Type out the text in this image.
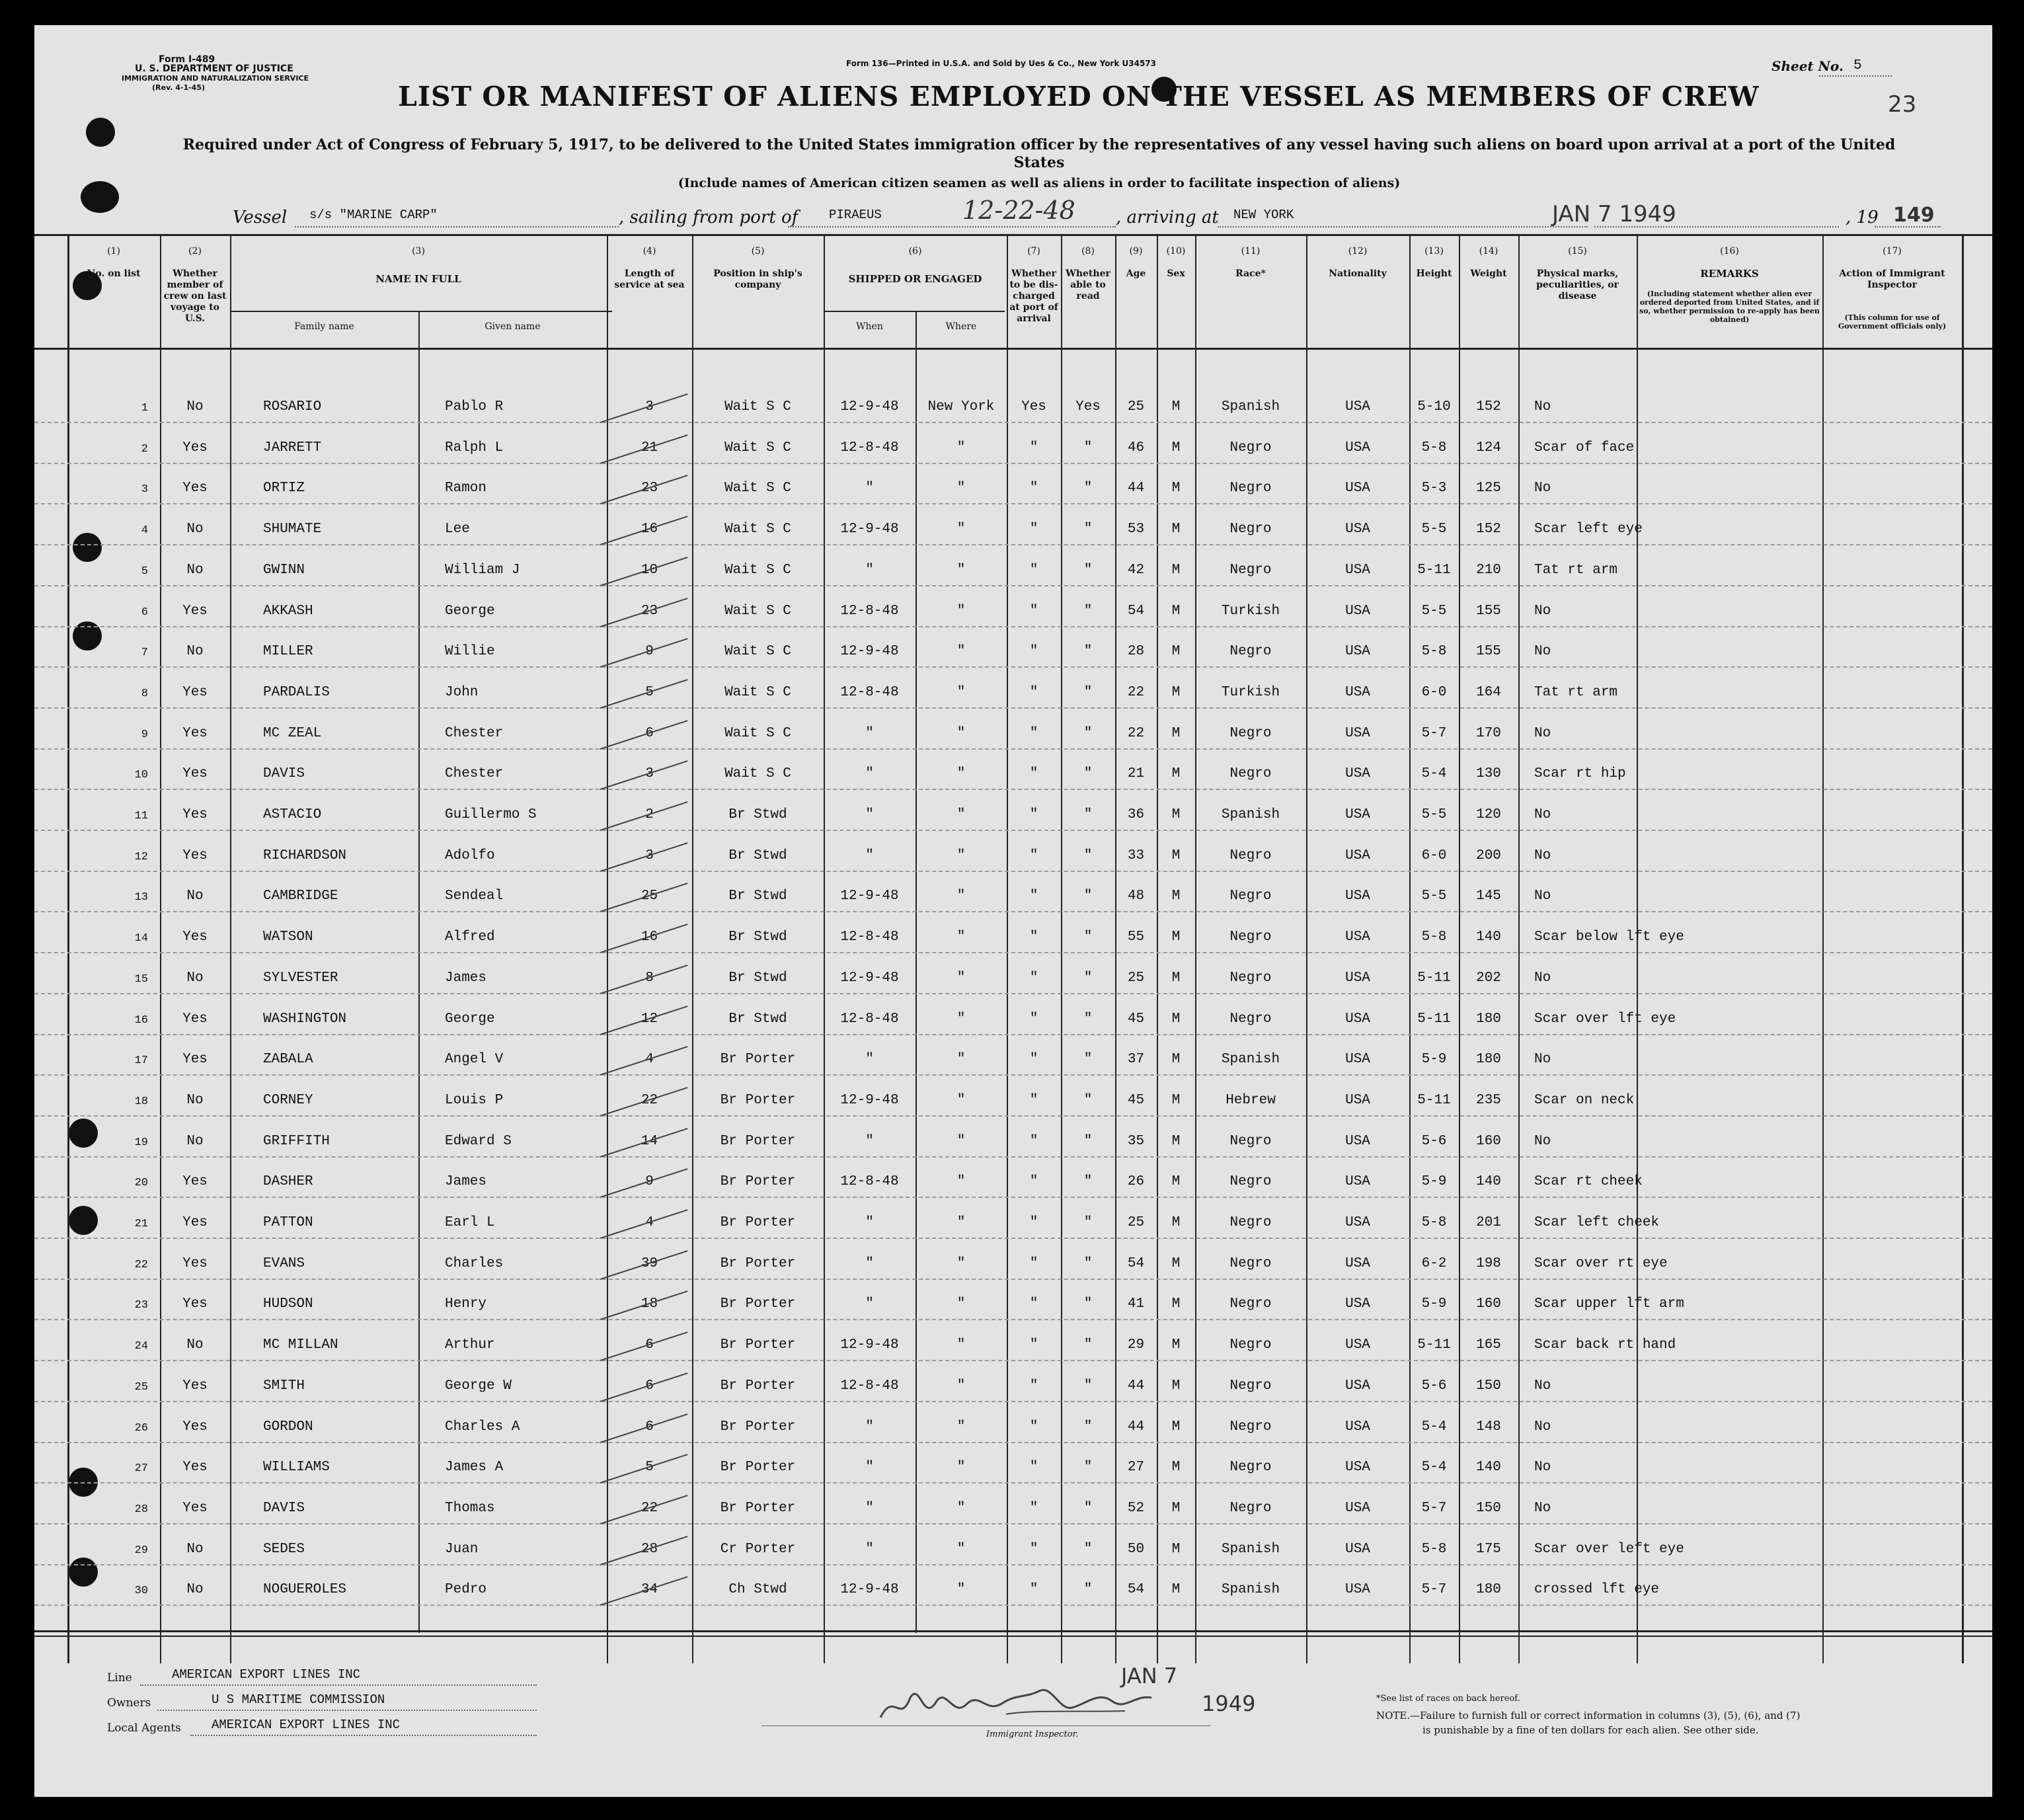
Form I-489
U. S. DEPARTMENT OF JUSTICE
IMMIGRATION AND NATURALIZATION SERVICE
(Rev. 4-1-45)
Form 136—Printed in U.S.A. and Sold by Ues & Co., New York U34573	Sheet No. 5
23
LIST OR MANIFEST OF ALIENS EMPLOYED ON THE VESSEL AS MEMBERS OF CREW
Required under Act of Congress of February 5, 1917, to be delivered to the United States immigration officer by the representatives of any vessel having such aliens on board upon arrival at a port of the United States
(Include names of American citizen seamen as well as aliens in order to facilitate inspection of aliens)
Vessel s/s "MARINE CARP"	, sailing from port of PIRAEUS	12-22-48 , arriving at NEW YORK	JAN 7 1949	, 19 149
(1)	(2)	(3)	(4)	(5)	(6)	(7)	(8)	(9)	(10)	(11)	(12)	(13)	(14)	(15)	(16)	(17)
No. on list	Whether member of crew on last voyage to U.S.
NAME IN FULL
Family name	Given name
Length of service at sea
Position in ship's company	SHIPPED OR ENGAGED
When	Where
Whether to be dis-charged at port of arrival
Whether able to read
Age	Sex	Race*	Nationality	Height	Weight	Physical marks, peculiarities, or disease
REMARKS
(Including statement whether alien ever ordered deported from United States, and if so, whether permission to re-apply has been obtained)
Action of Immigrant Inspector
(This column for use of Government officials only)
1	No	ROSARIO	Pablo R	3	Wait S C	12-9-48	New York	Yes	Yes	25	M	Spanish	USA	5-10	152	No
2	Yes	JARRETT	Ralph L	21	Wait S C	12-8-48	"	"	"	46	M	Negro	USA	5-8	124	Scar of face
3	Yes	ORTIZ	Ramon	23	Wait S C	"	"	"	"	44	M	Negro	USA	5-3	125	No
4	No	SHUMATE	Lee	16	Wait S C	12-9-48	"	"	"	53	M	Negro	USA	5-5	152	Scar left eye
5	No	GWINN	William J	10	Wait S C	"	"	"	"	42	M	Negro	USA	5-11	210	Tat rt arm
6	Yes	AKKASH	George	23	Wait S C	12-8-48	"	"	"	54	M	Turkish	USA	5-5	155	No
7	No	MILLER	Willie	9	Wait S C	12-9-48	"	"	"	28	M	Negro	USA	5-8	155	No
8	Yes	PARDALIS	John	5	Wait S C	12-8-48	"	"	"	22	M	Turkish	USA	6-0	164	Tat rt arm
9	Yes	MC ZEAL	Chester	6	Wait S C	"	"	"	"	22	M	Negro	USA	5-7	170	No
10	Yes	DAVIS	Chester	3	Wait S C	"	"	"	"	21	M	Negro	USA	5-4	130	Scar rt hip
11	Yes	ASTACIO	Guillermo S	2	Br Stwd	"	"	"	"	36	M	Spanish	USA	5-5	120	No
12	Yes	RICHARDSON	Adolfo	3	Br Stwd	"	"	"	"	33	M	Negro	USA	6-0	200	No
13	No	CAMBRIDGE	Sendeal	25	Br Stwd	12-9-48	"	"	"	48	M	Negro	USA	5-5	145	No
14	Yes	WATSON	Alfred	16	Br Stwd	12-8-48	"	"	"	55	M	Negro	USA	5-8	140	Scar below lft eye
15	No	SYLVESTER	James	8	Br Stwd	12-9-48	"	"	"	25	M	Negro	USA	5-11	202	No
16	Yes	WASHINGTON	George	12	Br Stwd	12-8-48	"	"	"	45	M	Negro	USA	5-11	180	Scar over lft eye
17	Yes	ZABALA	Angel V	4	Br Porter	"	"	"	"	37	M	Spanish	USA	5-9	180	No
18	No	CORNEY	Louis P	22	Br Porter	12-9-48	"	"	"	45	M	Hebrew	USA	5-11	235	Scar on neck
19	No	GRIFFITH	Edward S	14	Br Porter	"	"	"	"	35	M	Negro	USA	5-6	160	No
20	Yes	DASHER	James	9	Br Porter	12-8-48	"	"	"	26	M	Negro	USA	5-9	140	Scar rt cheek
21	Yes	PATTON	Earl L	4	Br Porter	"	"	"	"	25	M	Negro	USA	5-8	201	Scar left cheek
22	Yes	EVANS	Charles	39	Br Porter	"	"	"	"	54	M	Negro	USA	6-2	198	Scar over rt eye
23	Yes	HUDSON	Henry	18	Br Porter	"	"	"	"	41	M	Negro	USA	5-9	160	Scar upper lft arm
24	No	MC MILLAN	Arthur	6	Br Porter	12-9-48	"	"	"	29	M	Negro	USA	5-11	165	Scar back rt hand
25	Yes	SMITH	George W	6	Br Porter	12-8-48	"	"	"	44	M	Negro	USA	5-6	150	No
26	Yes	GORDON	Charles A	6	Br Porter	"	"	"	"	44	M	Negro	USA	5-4	148	No
27	Yes	WILLIAMS	James A	5	Br Porter	"	"	"	"	27	M	Negro	USA	5-4	140	No
28	Yes	DAVIS	Thomas	22	Br Porter	"	"	"	"	52	M	Negro	USA	5-7	150	No
29	No	SEDES	Juan	28	Cr Porter	"	"	"	"	50	M	Spanish	USA	5-8	175	Scar over left eye
30	No	NOGUEROLES	Pedro	34	Ch Stwd	12-9-48	"	"	"	54	M	Spanish	USA	5-7	180	crossed lft eye
Line	AMERICAN EXPORT LINES INC
Owners	U S MARITIME COMMISSION
Local Agents AMERICAN EXPORT LINES INC
JAN 7
1949
Immigrant Inspector.
*See list of races on back hereof.
NOTE.—Failure to furnish full or correct information in columns (3), (5), (6), and (7)
is punishable by a fine of ten dollars for each alien. See other side.
